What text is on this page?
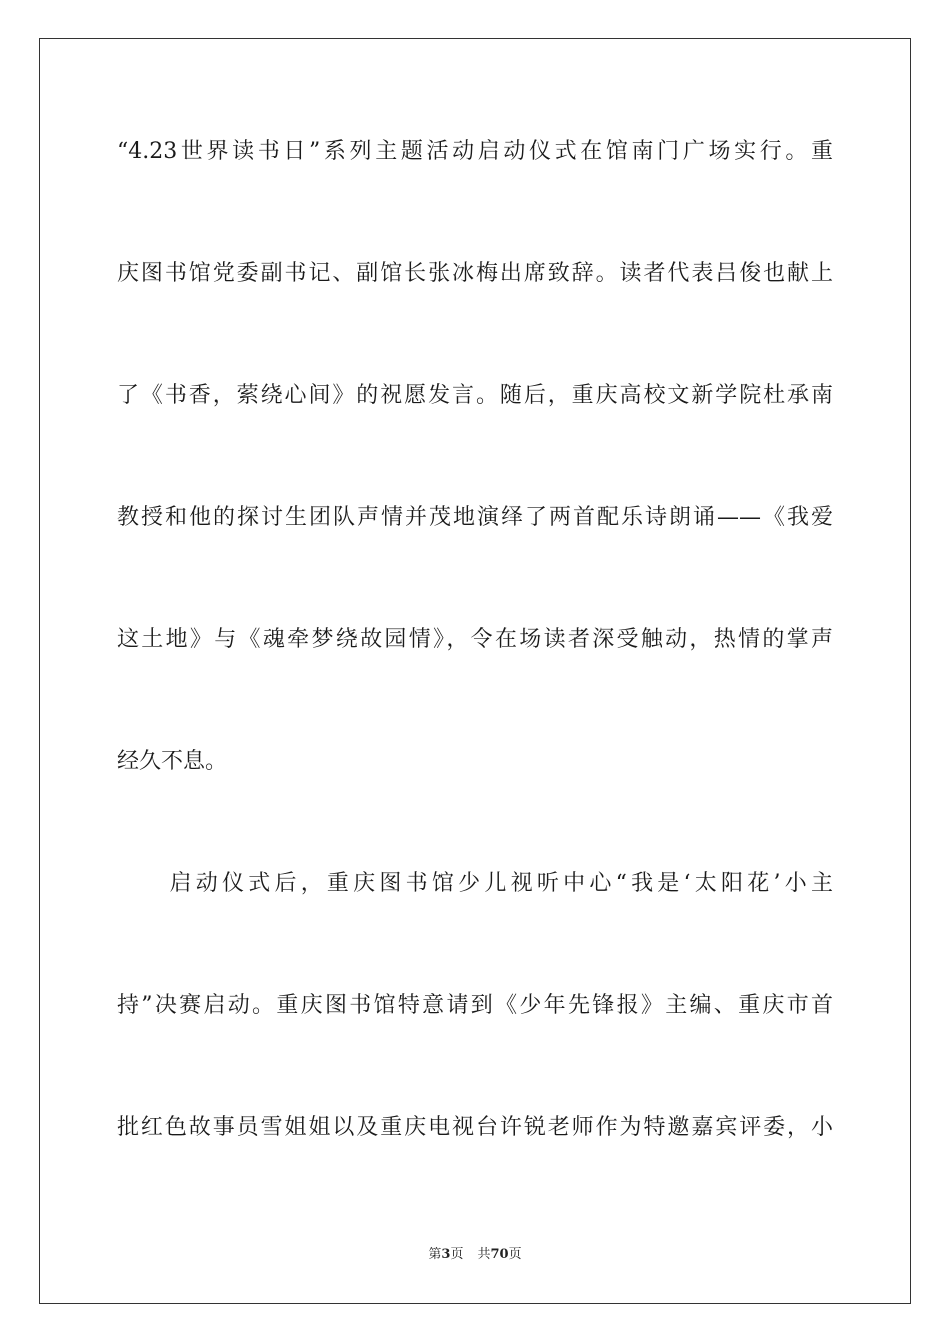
“4.23世界读书日”系列主题活动启动仪式在馆南门广场实行。重
庆图书馆党委副书记、副馆长张冰梅出席致辞。读者代表吕俊也献上
了《书香，萦绕心间》的祝愿发言。随后，重庆高校文新学院杜承南
教授和他的探讨生团队声情并茂地演绎了两首配乐诗朗诵——《我爱
这土地》与《魂牵梦绕故园情》，令在场读者深受触动，热情的掌声
经久不息。
　　启动仪式后，重庆图书馆少儿视听中心“我是‘太阳花’小主
持”决赛启动。重庆图书馆特意请到《少年先锋报》主编、重庆市首
批红色故事员雪姐姐以及重庆电视台许锐老师作为特邀嘉宾评委，小
第3页 共70页
